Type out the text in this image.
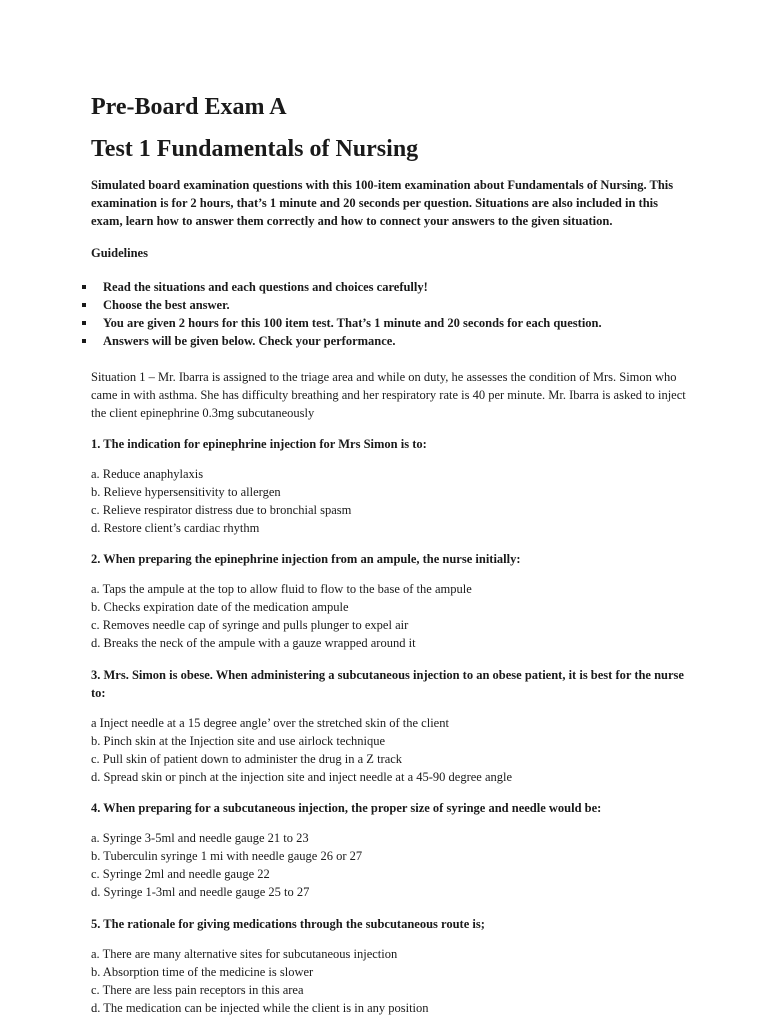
Pre-Board Exam A
Test 1 Fundamentals of Nursing

Simulated board examination questions with this 100-item examination about Fundamentals of Nursing. This examination is for 2 hours, that’s 1 minute and 20 seconds per question. Situations are also included in this exam, learn how to answer them correctly and how to connect your answers to the given situation.

Guidelines

Read the situations and each questions and choices carefully!
Choose the best answer.
You are given 2 hours for this 100 item test. That’s 1 minute and 20 seconds for each question.
Answers will be given below. Check your performance.

Situation 1 – Mr. Ibarra is assigned to the triage area and while on duty, he assesses the condition of Mrs. Simon who came in with asthma. She has difficulty breathing and her respiratory rate is 40 per minute. Mr. Ibarra is asked to inject the client epinephrine 0.3mg subcutaneously

1. The indication for epinephrine injection for Mrs Simon is to:

a. Reduce anaphylaxis
b. Relieve hypersensitivity to allergen
c. Relieve respirator distress due to bronchial spasm
d. Restore client’s cardiac rhythm

2. When preparing the epinephrine injection from an ampule, the nurse initially:

a. Taps the ampule at the top to allow fluid to flow to the base of the ampule
b. Checks expiration date of the medication ampule
c. Removes needle cap of syringe and pulls plunger to expel air
d. Breaks the neck of the ampule with a gauze wrapped around it

3. Mrs. Simon is obese. When administering a subcutaneous injection to an obese patient, it is best for the nurse to:

a Inject needle at a 15 degree angle’ over the stretched skin of the client
b. Pinch skin at the Injection site and use airlock technique
c. Pull skin of patient down to administer the drug in a Z track
d. Spread skin or pinch at the injection site and inject needle at a 45-90 degree angle

4. When preparing for a subcutaneous injection, the proper size of syringe and needle would be:

a. Syringe 3-5ml and needle gauge 21 to 23
b. Tuberculin syringe 1 mi with needle gauge 26 or 27
c. Syringe 2ml and needle gauge 22
d. Syringe 1-3ml and needle gauge 25 to 27

5. The rationale for giving medications through the subcutaneous route is;

a. There are many alternative sites for subcutaneous injection
b. Absorption time of the medicine is slower
c. There are less pain receptors in this area
d. The medication can be injected while the client is in any position
